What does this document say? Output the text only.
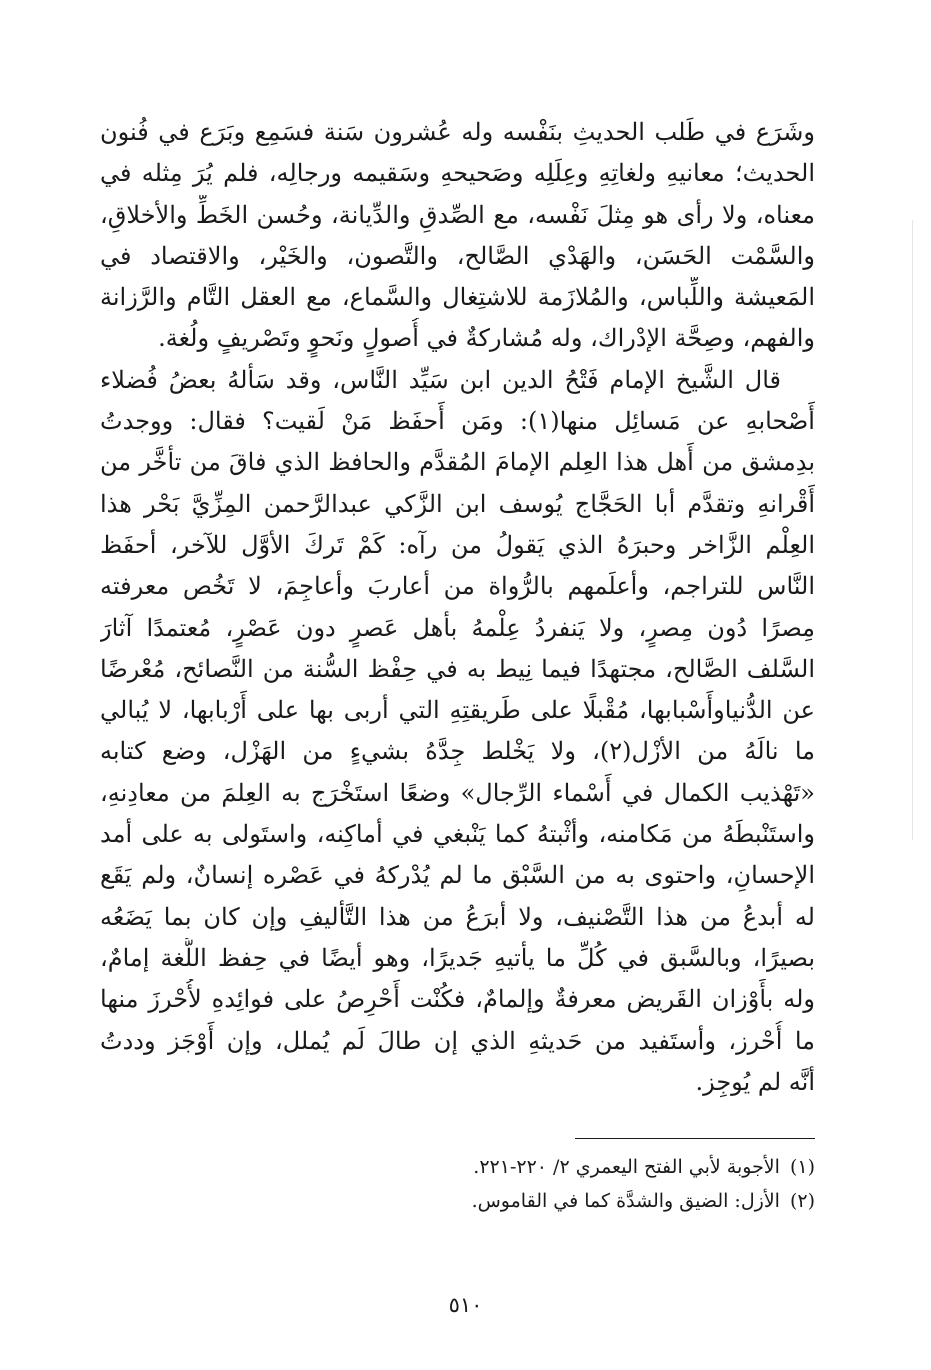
وشَرَع في طَلب الحديثِ بنَفْسه وله عُشرون سَنة فسَمِع وبَرَع في فُنون
الحديث؛ معانيهِ ولغاتِهِ وعِلَلِه وصَحيحهِ وسَقيمه ورجالِه، فلم يُرَ مِثله في
معناه، ولا رأى هو مِثلَ نَفْسه، مع الصِّدقِ والدِّيانة، وحُسن الخَطِّ والأخلاقِ،
والسَّمْت الحَسَن، والهَدْي الصَّالح، والتَّصون، والخَيْر، والاقتصاد في
المَعيشة واللِّباس، والمُلازَمة للاشتِغال والسَّماع، مع العقل التَّام والرَّزانة
والفهم، وصِحَّة الإدْراك، وله مُشاركةٌ في أُصولٍ ونَحوٍ وتَصْريفٍ ولُغة.
قال الشَّيخ الإمام فَتْحُ الدين ابن سَيِّد النَّاس، وقد سَألهُ بعضُ فُضلاء
أَصْحابهِ عن مَسائِل منها(١): ومَن أَحفَظ مَنْ لَقيت؟ فقال: ووجدتُ
بدِمشق من أَهل هذا العِلم الإمامَ المُقدَّم والحافظ الذي فاقَ من تأخَّر من
أَقْرانهِ وتقدَّم أبا الحَجَّاج يُوسف ابن الزَّكي عبدالرَّحمن المِزِّيَّ بَحْر هذا
العِلْم الزَّاخر وحبرَهُ الذي يَقولُ من رآه: كَمْ تَركَ الأوَّل للآخر، أحفَظ
النَّاس للتراجم، وأعلَمهم بالرُّواة من أعاربَ وأعاجِمَ، لا تَخُص معرفته
مِصرًا دُون مِصرٍ، ولا يَنفردُ عِلْمهُ بأهل عَصرٍ دون عَصْرٍ، مُعتمدًا آثارَ
السَّلف الصَّالح، مجتهدًا فيما نِيط به في حِفْظ السُّنة من النَّصائح، مُعْرضًا
عن الدُّنياوأَسْبابها، مُقْبلًا على طَريقتِهِ التي أربى بها على أَرْبابها، لا يُبالي
ما نالَهُ من الأزْل(٢)، ولا يَخْلط جِدَّهُ بشيءٍ من الهَزْل، وضع كتابه
«تَهْذيب الكمال في أَسْماء الرِّجال» وضعًا استَخْرَج به العِلمَ من معادِنهِ،
واستَنْبطَهُ من مَكامنه، وأثْبتهُ كما يَنْبغي في أماكِنه، واستَولى به على أمد
الإحسانِ، واحتوى به من السَّبْق ما لم يُدْركهُ في عَصْره إنسانٌ، ولم يَقَع
له أبدعُ من هذا التَّصْنيف، ولا أبرَعُ من هذا التَّأليفِ وإن كان بما يَضَعُه
بصيرًا، وبالسَّبق في كُلِّ ما يأتيهِ جَديرًا، وهو أيضًا في حِفظ اللُّغة إمامٌ،
وله بأَوْزان القَريض معرفةٌ وإلمامٌ، فكُنْت أَحْرِصُ على فوائِدهِ لأُحْرزَ منها
ما أُحْرز، وأستَفيد من حَديثهِ الذي إن طالَ لَم يُملل، وإن أَوْجَز وددتُ
أنَّه لم يُوجِز.
(١)الأجوبة لأبي الفتح اليعمري ٢/ ٢٢٠-٢٢١.
(٢)الأزل: الضيق والشدَّة كما في القاموس.
٥١٠
